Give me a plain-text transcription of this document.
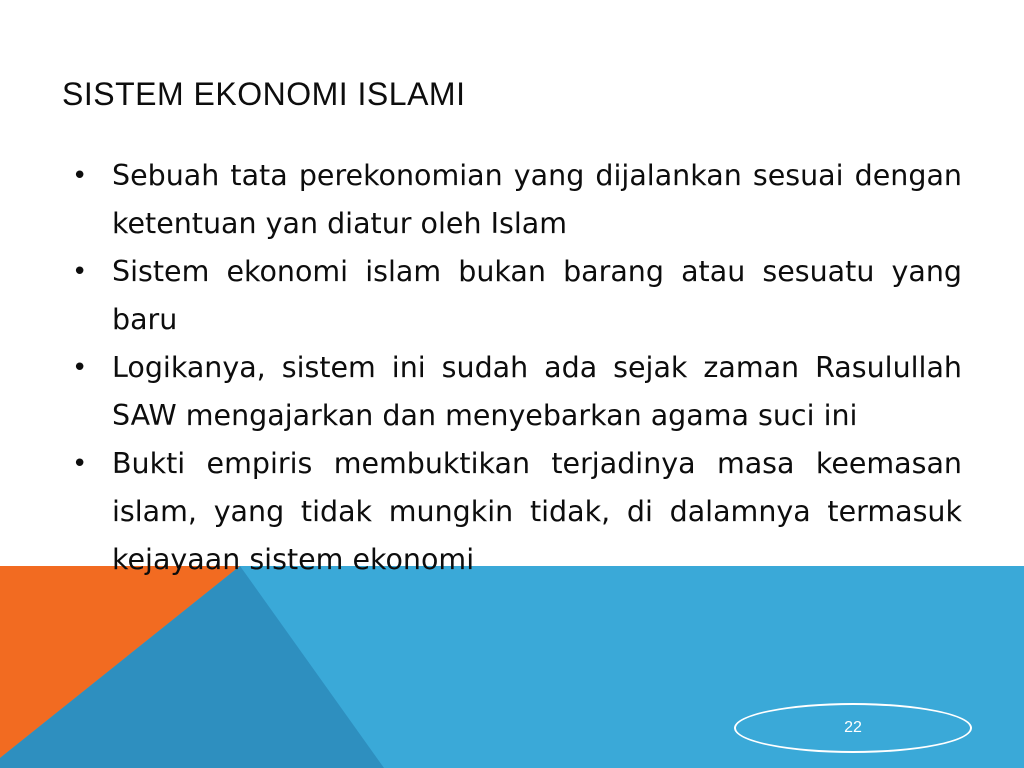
SISTEM EKONOMI ISLAMI
• Sebuah tata perekonomian yang dijalankan sesuai dengan ketentuan yan diatur oleh Islam
• Sistem ekonomi islam bukan barang atau sesuatu yang baru
• Logikanya, sistem ini sudah ada sejak zaman Rasulullah SAW mengajarkan dan menyebarkan agama suci ini
• Bukti empiris membuktikan terjadinya masa keemasan islam, yang tidak mungkin tidak, di dalamnya termasuk kejayaan sistem ekonomi
22
